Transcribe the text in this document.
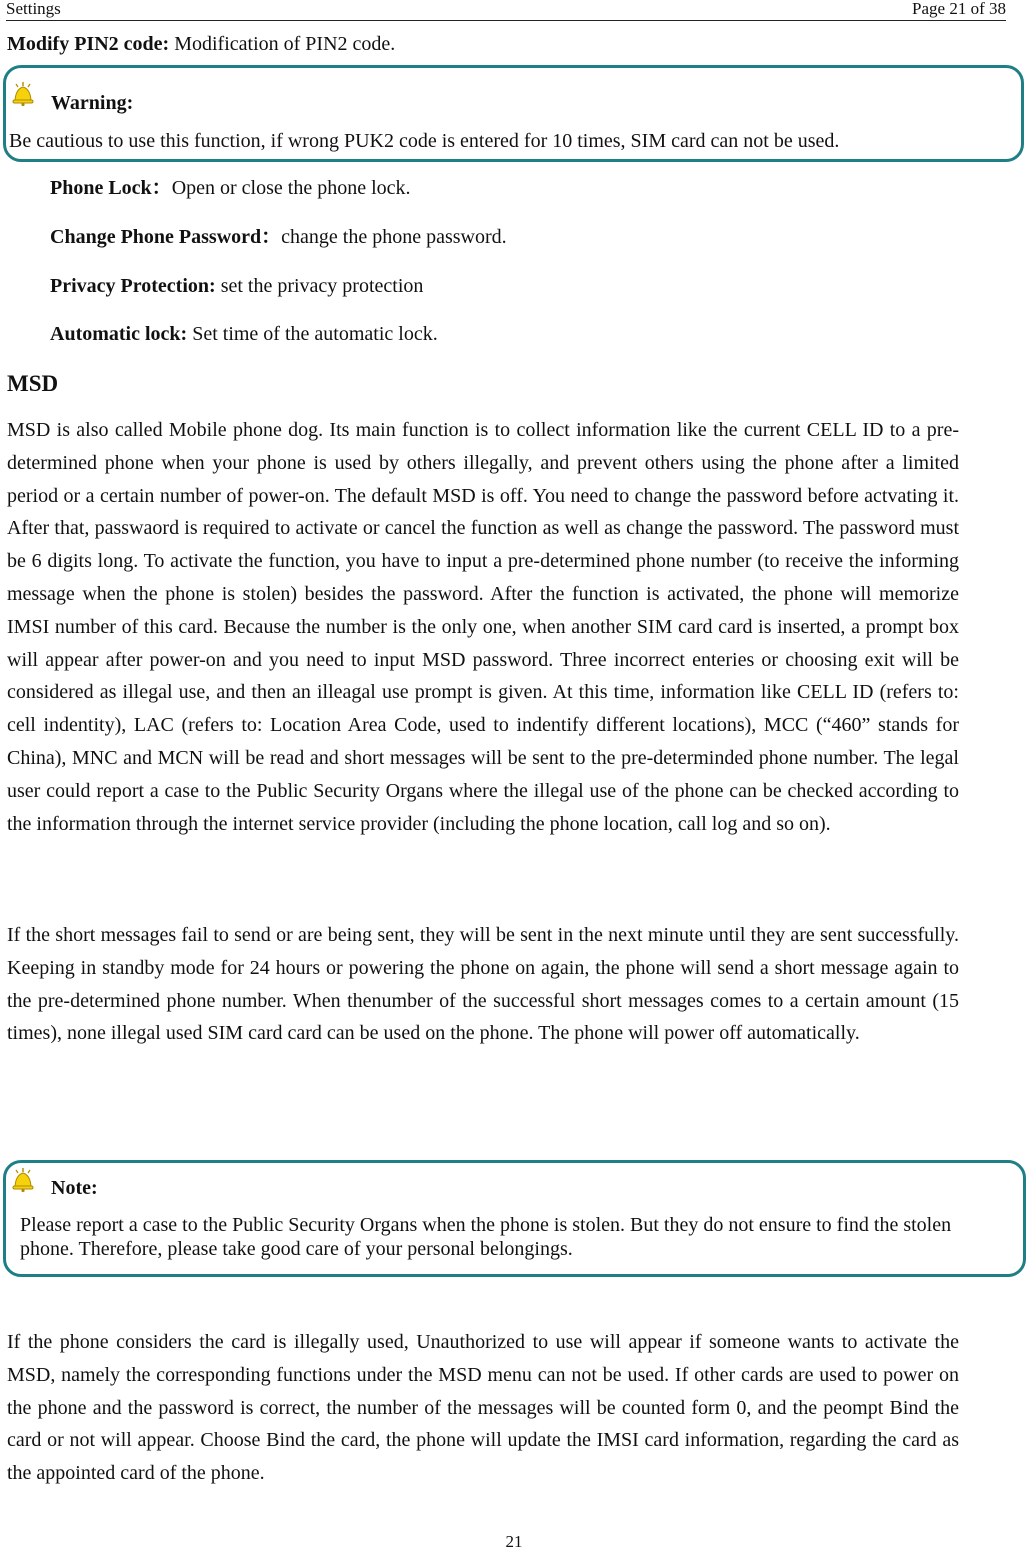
Settings	Page 21 of 38
Modify PIN2 code: Modification of PIN2 code.
Warning:
Be cautious to use this function, if wrong PUK2 code is entered for 10 times, SIM card can not be used.
Phone Lock：Open or close the phone lock.
Change Phone Password：change the phone password.
Privacy Protection: set the privacy protection
Automatic lock: Set time of the automatic lock.
MSD
MSD is also called Mobile phone dog. Its main function is to collect information like the current CELL ID to a pre-determined phone when your phone is used by others illegally, and prevent others using the phone after a limited period or a certain number of power-on. The default MSD is off. You need to change the password before actvating it. After that, passwaord is required to activate or cancel the function as well as change the password. The password must be 6 digits long. To activate the function, you have to input a pre-determined phone number (to receive the informing message when the phone is stolen) besides the password. After the function is activated, the phone will memorize IMSI number of this card. Because the number is the only one, when another SIM card card is inserted, a prompt box will appear after power-on and you need to input MSD password. Three incorrect enteries or choosing exit will be considered as illegal use, and then an illeagal use prompt is given. At this time, information like CELL ID (refers to: cell indentity), LAC (refers to: Location Area Code, used to indentify different locations), MCC (“460” stands for China), MNC and MCN will be read and short messages will be sent to the pre-determinded phone number. The legal user could report a case to the Public Security Organs where the illegal use of the phone can be checked according to the information through the internet service provider (including the phone location, call log and so on).
If the short messages fail to send or are being sent, they will be sent in the next minute until they are sent successfully. Keeping in standby mode for 24 hours or powering the phone on again, the phone will send a short message again to the pre-determined phone number. When thenumber of the successful short messages comes to a certain amount (15 times), none illegal used SIM card card can be used on the phone. The phone will power off automatically.
Note:
Please report a case to the Public Security Organs when the phone is stolen. But they do not ensure to find the stolen phone. Therefore, please take good care of your personal belongings.
If the phone considers the card is illegally used, Unauthorized to use will appear if someone wants to activate the MSD, namely the corresponding functions under the MSD menu can not be used. If other cards are used to power on the phone and the password is correct, the number of the messages will be counted form 0, and the peompt Bind the card or not will appear. Choose Bind the card, the phone will update the IMSI card information, regarding the card as the appointed card of the phone.
21
